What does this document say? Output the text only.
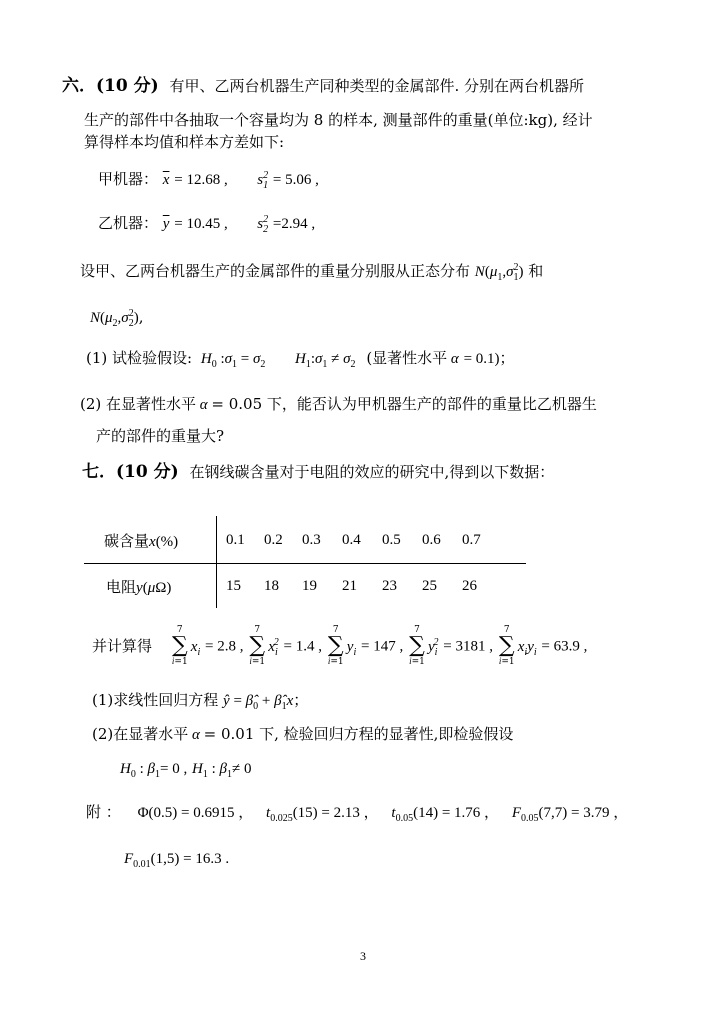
六．(10 分) 有甲、乙两台机器生产同种类型的金属部件. 分别在两台机器所
生产的部件中各抽取一个容量均为 8 的样本, 测量部件的重量(单位:kg), 经计
算得样本均值和样本方差如下:
甲机器： $\overline{x} = 12.68$ , $s_1^2 = 5.06$ ,
乙机器： $\overline{y} = 10.45$ , $s_2^2 =2.94$ ,
设甲、乙两台机器生产的金属部件的重量分别服从正态分布 $N(\mu_1,\sigma_1^2)$ 和
$N(\mu_2,\sigma_2^2)$,
(1) 试检验假设: $H_0$ $:\sigma_1 = \sigma_2$ $H_1:\sigma_1 \ne \sigma_2$ (显著性水平 α = 0.1)；
(2) 在显著性水平 α = 0.05 下，能否认为甲机器生产的部件的重量比乙机器生
产的部件的重量大?
七．(10 分) 在钢线碳含量对于电阻的效应的研究中,得到以下数据：
碳含量x(%)	0.1 0.2 0.3 0.4 0.5 0.6 0.7
电阻y(μΩ)	15 18 19 21 23 25 26
并计算得
7
∑
i=1
$x_i = 2.8$ ,
7
∑
i=1
$x_i^2 = 1.4$ ,
7
∑
i=1
$y_i = 147$ ,
7
∑
i=1
$y_i^2 = 3181$ ,
7
∑
i=1
$x_iy_i = 63.9$ ,
(1)求线性回归方程 ŷ = $\betâ_0$ + $\betâ_1x$；
(2)在显著水平 α = 0.01 下, 检验回归方程的显著性,即检验假设
$H_0$ : $\beta_1= 0$ , $H_1$ : $\beta_1\ne 0$
附 ： Φ(0.5) = 0.6915 ， $t_{0.025}(15) = 2.13$ ， $t_{0.05}(14) = 1.76$ ， $F_{0.05}(7,7) = 3.79$ ，
$F_{0.01}(1,5) = 16.3$ .
3
